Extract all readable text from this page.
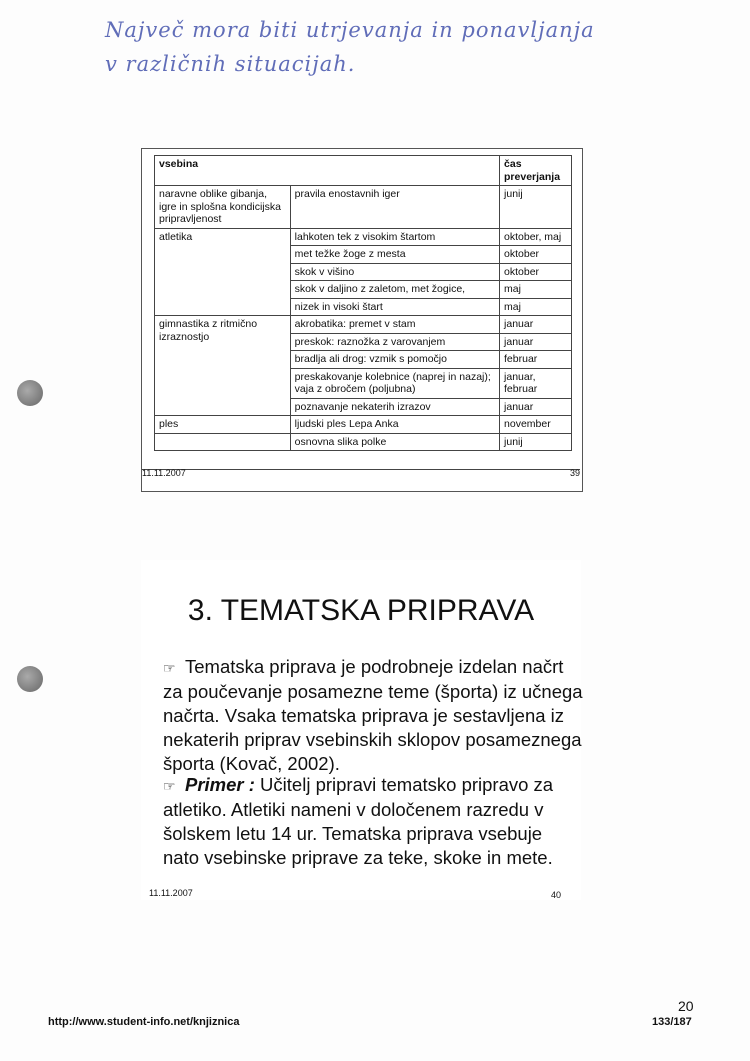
Največ mora biti utrjevanja in ponavljanja
v različnih situacijah.
vsebina		čas preverjanja
naravne oblike gibanja, igre in splošna kondicijska pripravljenost	pravila enostavnih iger	junij
atletika	lahkoten tek z visokim štartom	oktober, maj
	met težke žoge z mesta	oktober
	skok v višino	oktober
	skok v daljino z zaletom, met žogice,	maj
	nizek in visoki štart	maj
gimnastika z ritmično izraznostjo	akrobatika: premet v stam	januar
	preskok: raznožka z varovanjem	januar
	bradlja ali drog: vzmik s pomočjo	februar
	preskakovanje kolebnice (naprej in nazaj); vaja z obročem (poljubna)	januar, februar
	poznavanje nekaterih izrazov	januar
ples	ljudski ples Lepa Anka	november
	osnovna slika polke	junij
11.11.2007	39
3. TEMATSKA PRIPRAVA
☞ Tematska priprava je podrobneje izdelan načrt za poučevanje posamezne teme (športa) iz učnega načrta. Vsaka tematska priprava je sestavljena iz nekaterih priprav vsebinskih sklopov posameznega športa (Kovač, 2002).
☞ Primer : Učitelj pripravi tematsko pripravo za atletiko. Atletiki nameni v določenem razredu v šolskem letu 14 ur. Tematska priprava vsebuje nato vsebinske priprave za teke, skoke in mete.
11.11.2007	40
http://www.student-info.net/knjiznica
20
133/187
